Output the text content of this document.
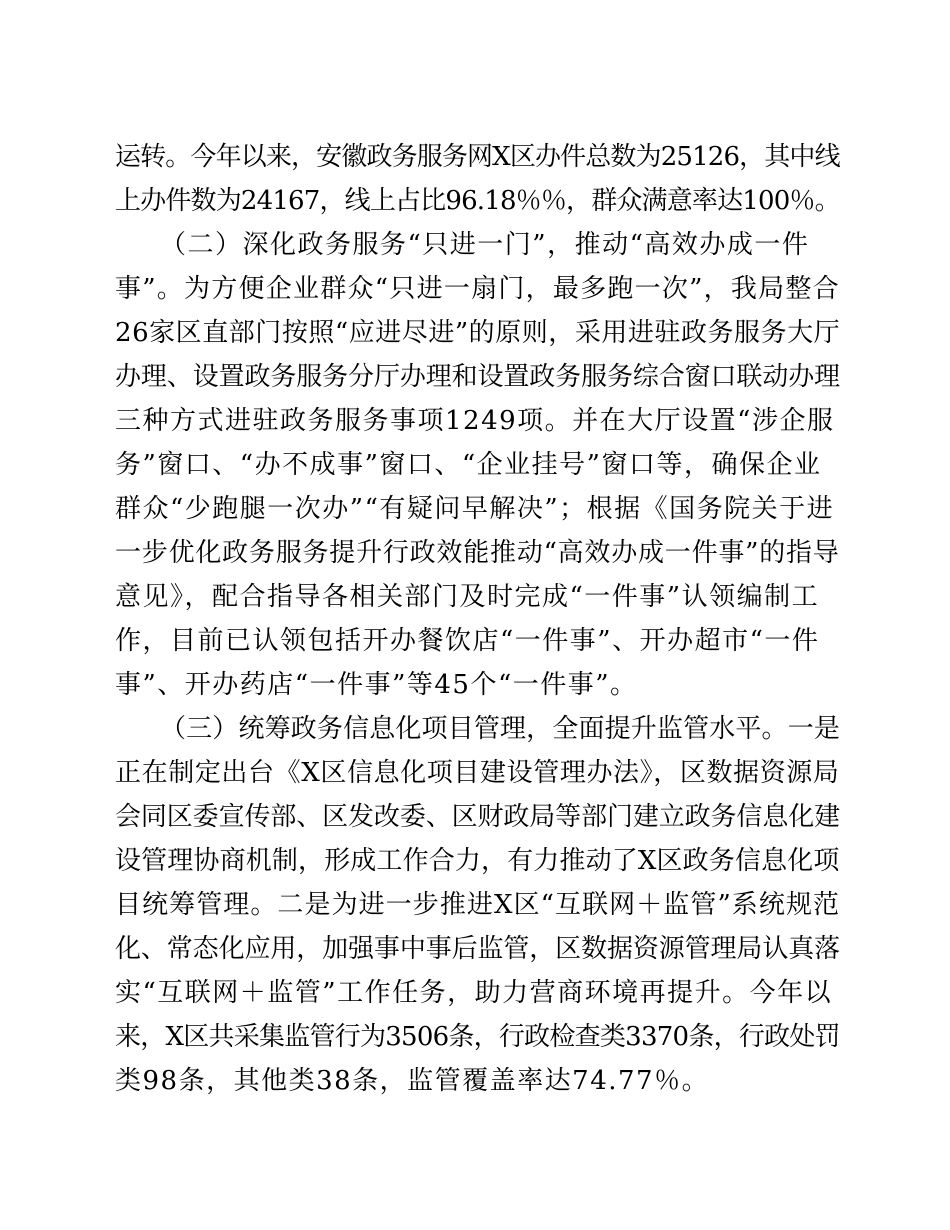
运转。今年以来，安徽政务服务网X区办件总数为25126，其中线
上办件数为24167，线上占比96.18％％，群众满意率达100％。
（二）深化政务服务“只进一门”，推动“高效办成一件
事”。为方便企业群众“只进一扇门，最多跑一次”，我局整合
26家区直部门按照“应进尽进”的原则，采用进驻政务服务大厅
办理、设置政务服务分厅办理和设置政务服务综合窗口联动办理
三种方式进驻政务服务事项1249项。并在大厅设置“涉企服
务”窗口、“办不成事”窗口、“企业挂号”窗口等，确保企业
群众“少跑腿一次办”“有疑问早解决”；根据《国务院关于进
一步优化政务服务提升行政效能推动“高效办成一件事”的指导
意见》，配合指导各相关部门及时完成“一件事”认领编制工
作，目前已认领包括开办餐饮店“一件事”、开办超市“一件
事”、开办药店“一件事”等45个“一件事”。
（三）统筹政务信息化项目管理，全面提升监管水平。一是
正在制定出台《X区信息化项目建设管理办法》，区数据资源局
会同区委宣传部、区发改委、区财政局等部门建立政务信息化建
设管理协商机制，形成工作合力，有力推动了X区政务信息化项
目统筹管理。二是为进一步推进X区“互联网＋监管”系统规范
化、常态化应用，加强事中事后监管，区数据资源管理局认真落
实“互联网＋监管”工作任务，助力营商环境再提升。今年以
来，X区共采集监管行为3506条，行政检查类3370条，行政处罚
类98条，其他类38条，监管覆盖率达74.77％。
